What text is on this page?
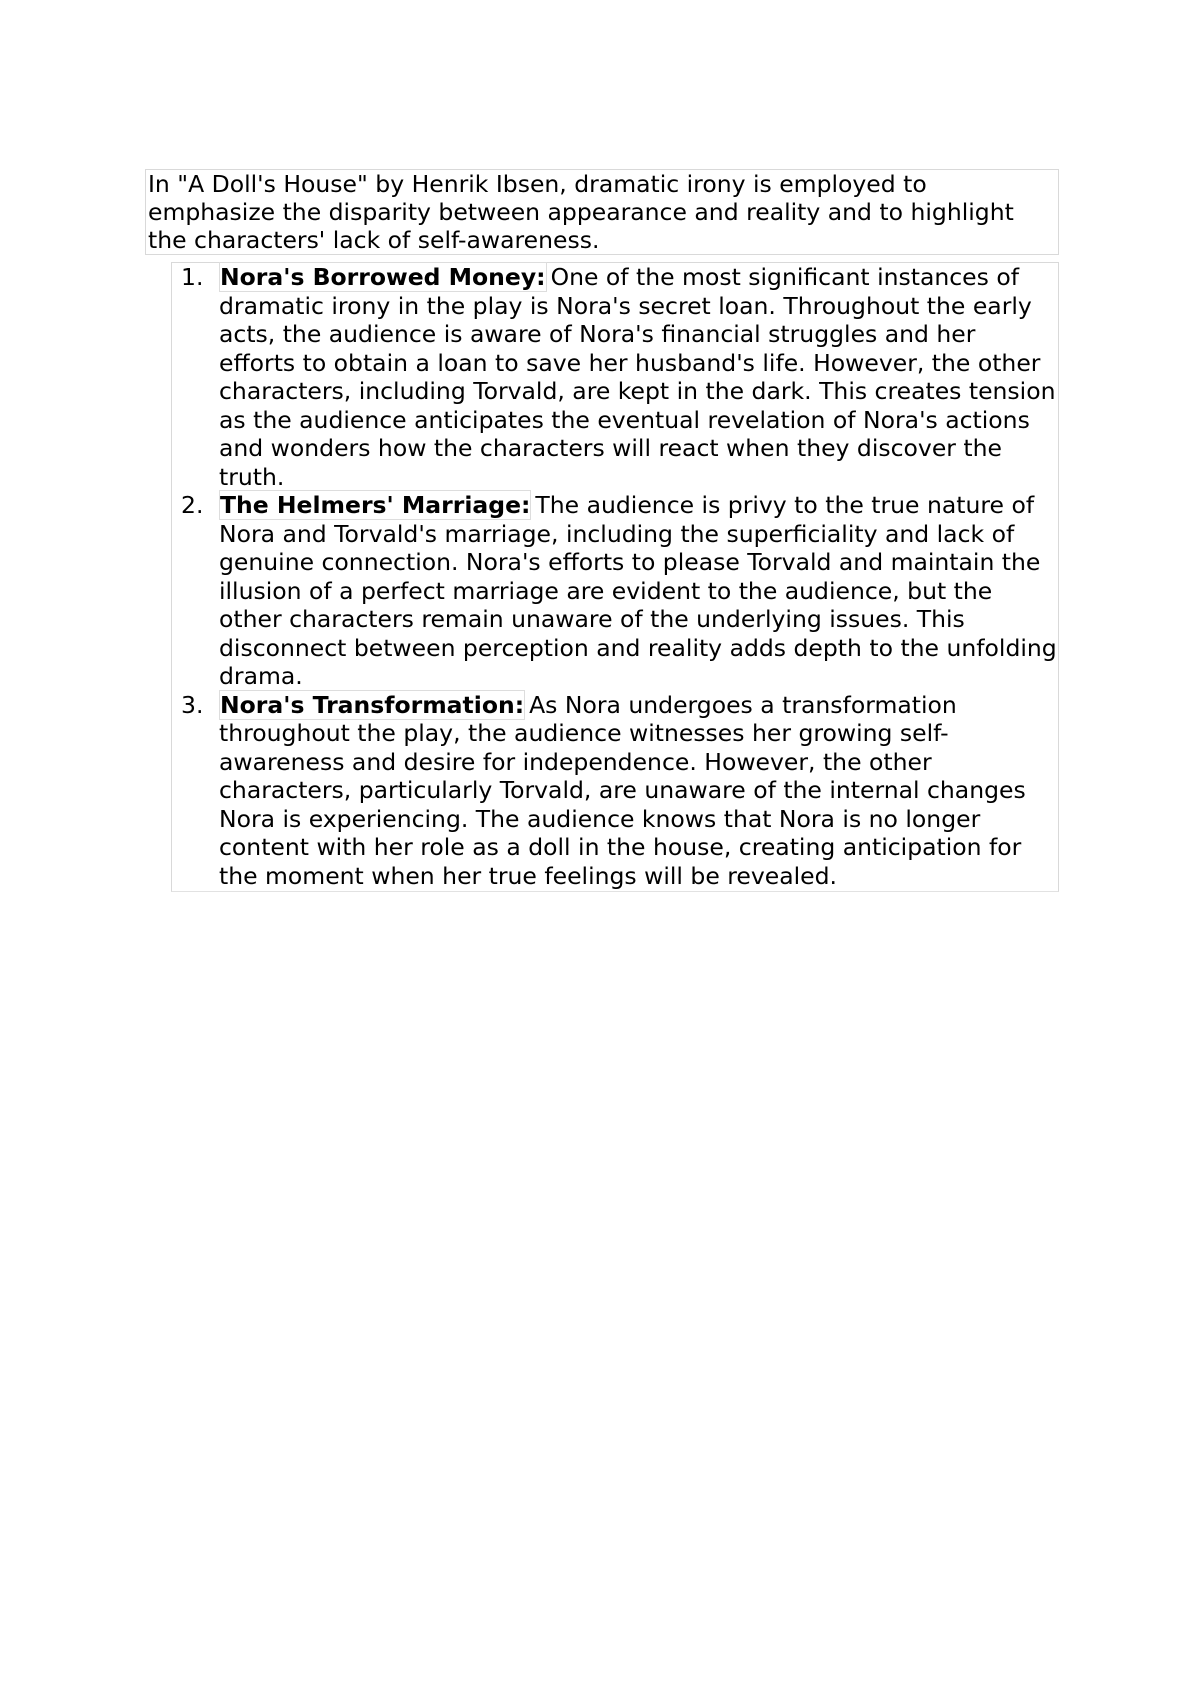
In "A Doll's House" by Henrik Ibsen, dramatic irony is employed to emphasize the disparity between appearance and reality and to highlight the characters' lack of self-awareness.

1. Nora's Borrowed Money: One of the most significant instances of dramatic irony in the play is Nora's secret loan. Throughout the early acts, the audience is aware of Nora's financial struggles and her efforts to obtain a loan to save her husband's life. However, the other characters, including Torvald, are kept in the dark. This creates tension as the audience anticipates the eventual revelation of Nora's actions and wonders how the characters will react when they discover the truth.
2. The Helmers' Marriage: The audience is privy to the true nature of Nora and Torvald's marriage, including the superficiality and lack of genuine connection. Nora's efforts to please Torvald and maintain the illusion of a perfect marriage are evident to the audience, but the other characters remain unaware of the underlying issues. This disconnect between perception and reality adds depth to the unfolding drama.
3. Nora's Transformation: As Nora undergoes a transformation throughout the play, the audience witnesses her growing self-awareness and desire for independence. However, the other characters, particularly Torvald, are unaware of the internal changes Nora is experiencing. The audience knows that Nora is no longer content with her role as a doll in the house, creating anticipation for the moment when her true feelings will be revealed.
